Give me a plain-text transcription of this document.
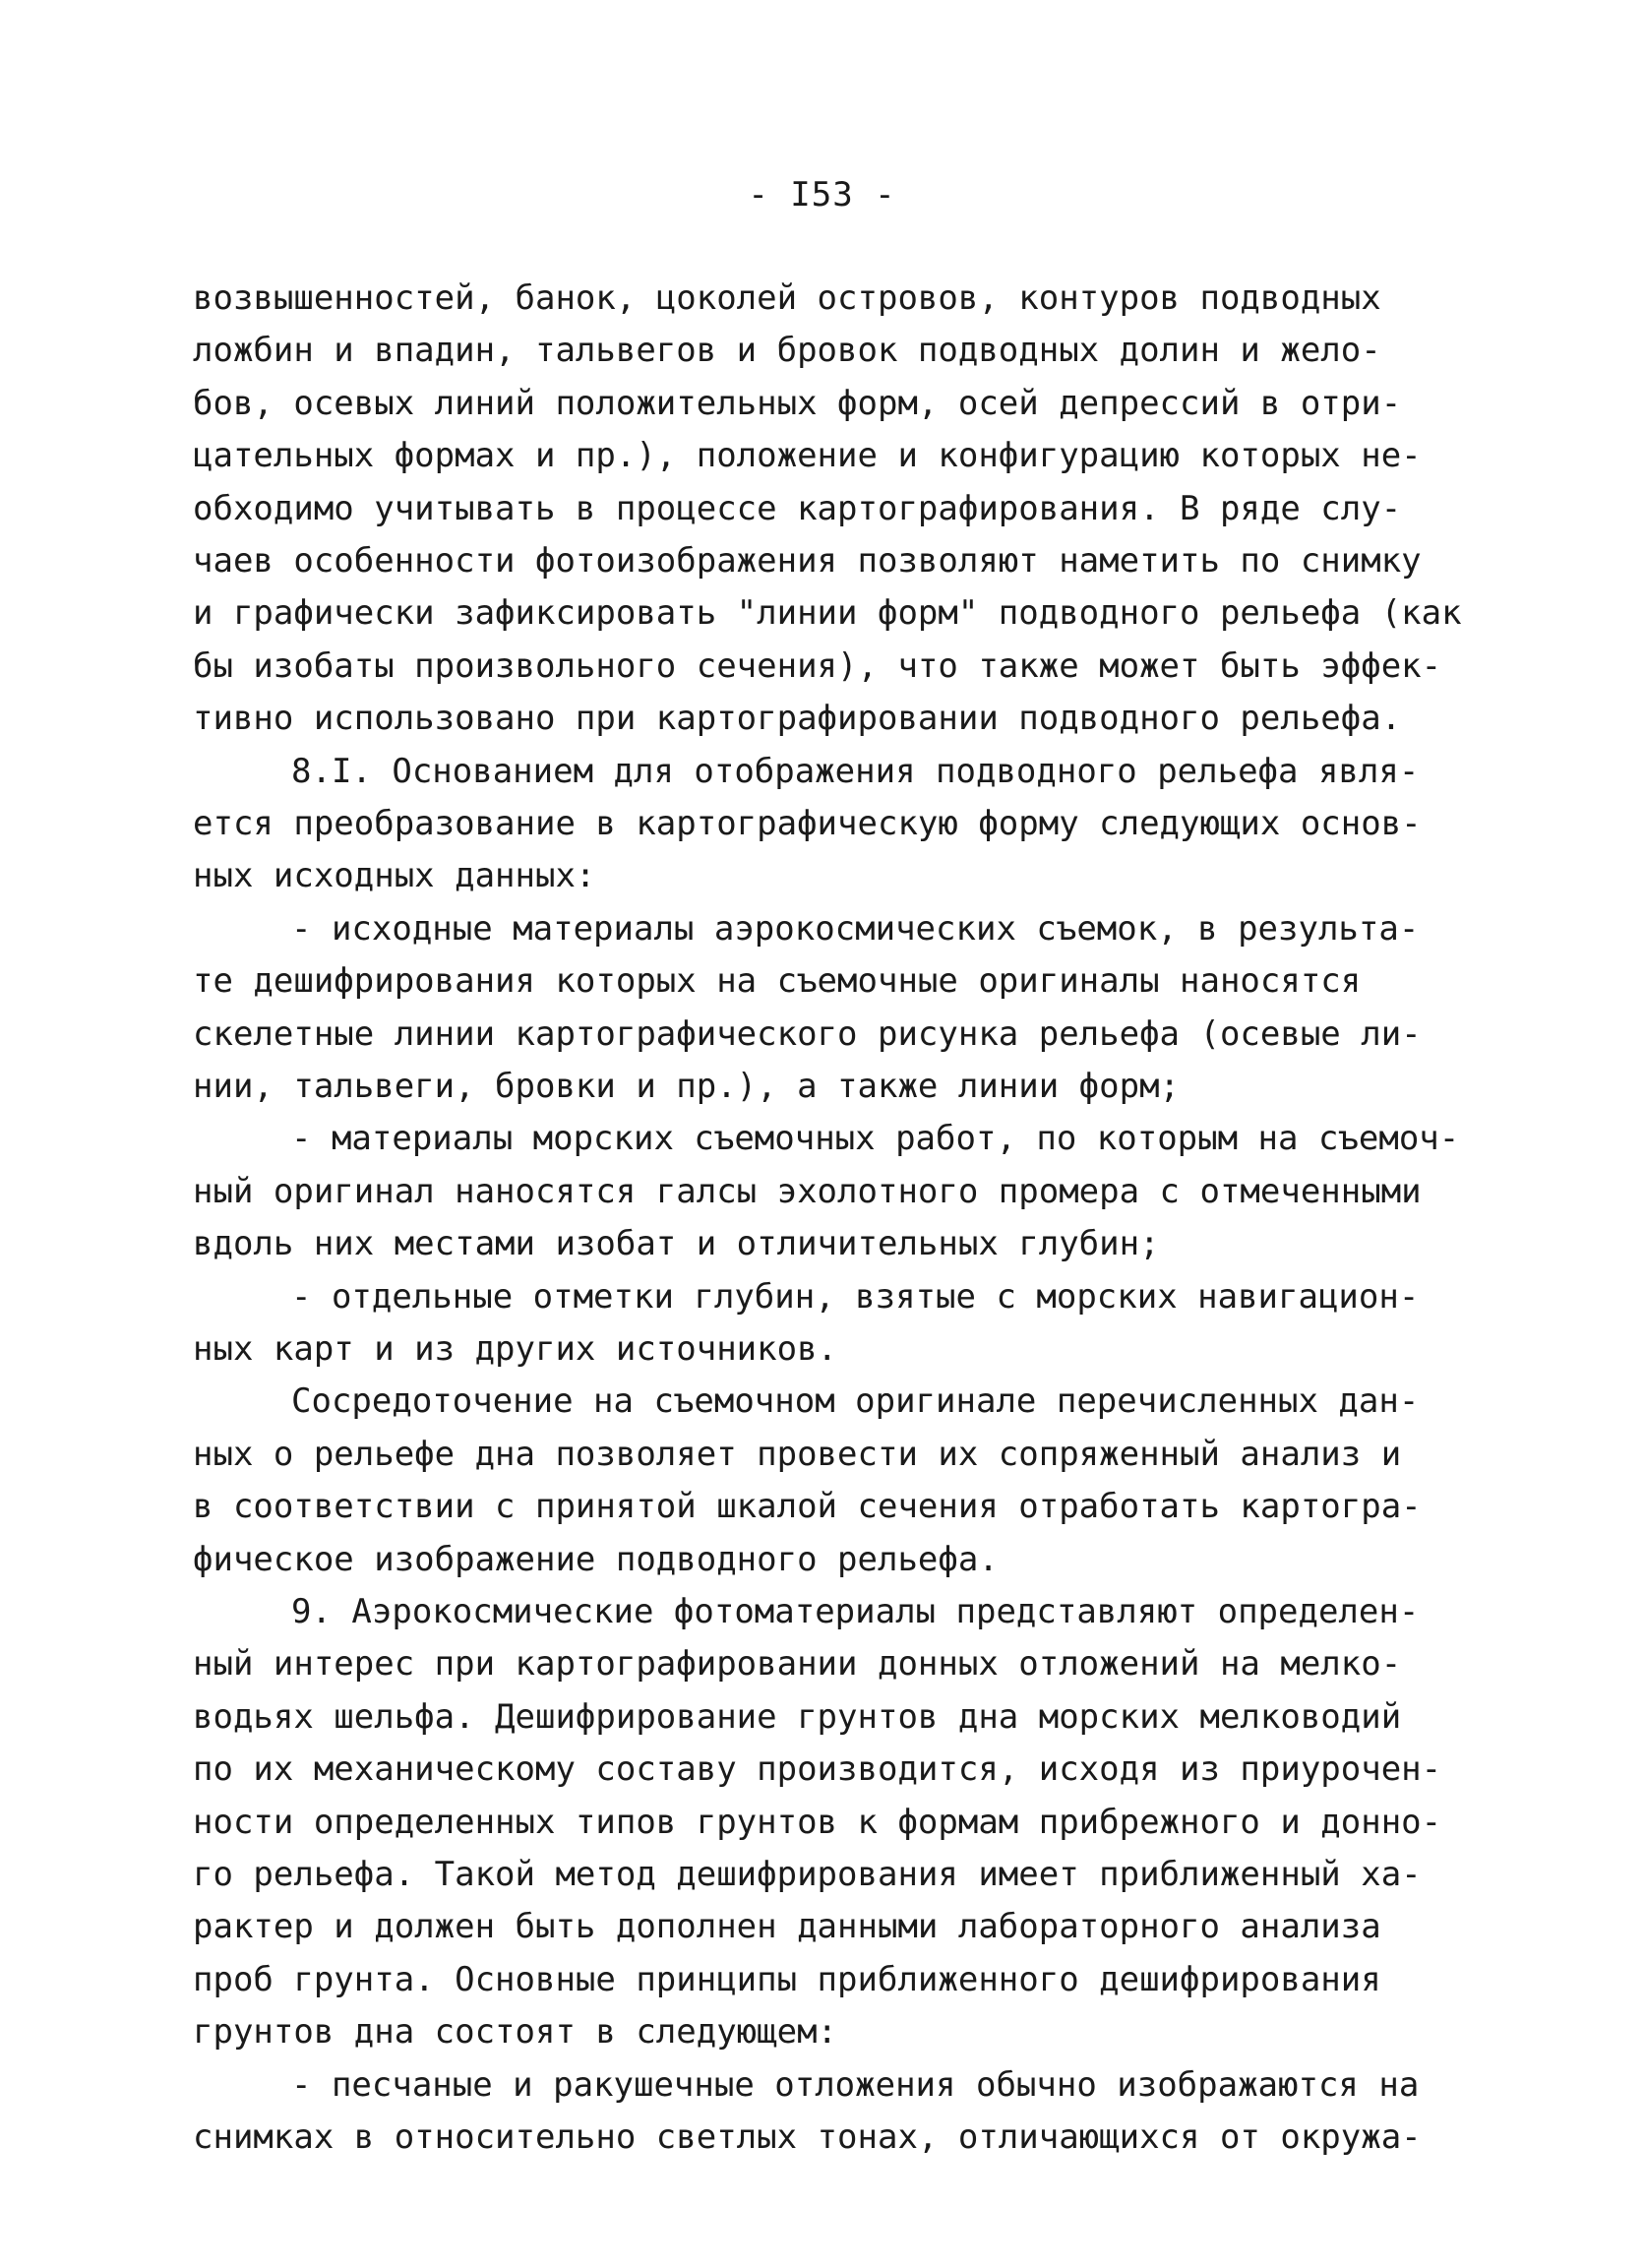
- I53 -
возвышенностей, банок, цоколей островов, контуров подводных
ложбин и впадин, тальвегов и бровок подводных долин и жело-
бов, осевых линий положительных форм, осей депрессий в отри-
цательных формах и пр.), положение и конфигурацию которых не-
обходимо учитывать в процессе картографирования. В ряде слу-
чаев особенности фотоизображения позволяют наметить по снимку
и графически зафиксировать "линии форм" подводного рельефа (как
бы изобаты произвольного сечения), что также может быть эффек-
тивно использовано при картографировании подводного рельефа.
8.I. Основанием для отображения подводного рельефа явля-
ется преобразование в картографическую форму следующих основ-
ных исходных данных:
- исходные материалы аэрокосмических съемок, в результа-
те дешифрирования которых на съемочные оригиналы наносятся
скелетные линии картографического рисунка рельефа (осевые ли-
нии, тальвеги, бровки и пр.), а также линии форм;
- материалы морских съемочных работ, по которым на съемоч-
ный оригинал наносятся галсы эхолотного промера с отмеченными
вдоль них местами изобат и отличительных глубин;
- отдельные отметки глубин, взятые с морских навигацион-
ных карт и из других источников.
Сосредоточение на съемочном оригинале перечисленных дан-
ных о рельефе дна позволяет провести их сопряженный анализ и
в соответствии с принятой шкалой сечения отработать картогра-
фическое изображение подводного рельефа.
9. Аэрокосмические фотоматериалы представляют определен-
ный интерес при картографировании донных отложений на мелко-
водьях шельфа. Дешифрирование грунтов дна морских мелководий
по их механическому составу производится, исходя из приурочен-
ности определенных типов грунтов к формам прибрежного и донно-
го рельефа. Такой метод дешифрирования имеет приближенный ха-
рактер и должен быть дополнен данными лабораторного анализа
проб грунта. Основные принципы приближенного дешифрирования
грунтов дна состоят в следующем:
- песчаные и ракушечные отложения обычно изображаются на
снимках в относительно светлых тонах, отличающихся от окружа-
